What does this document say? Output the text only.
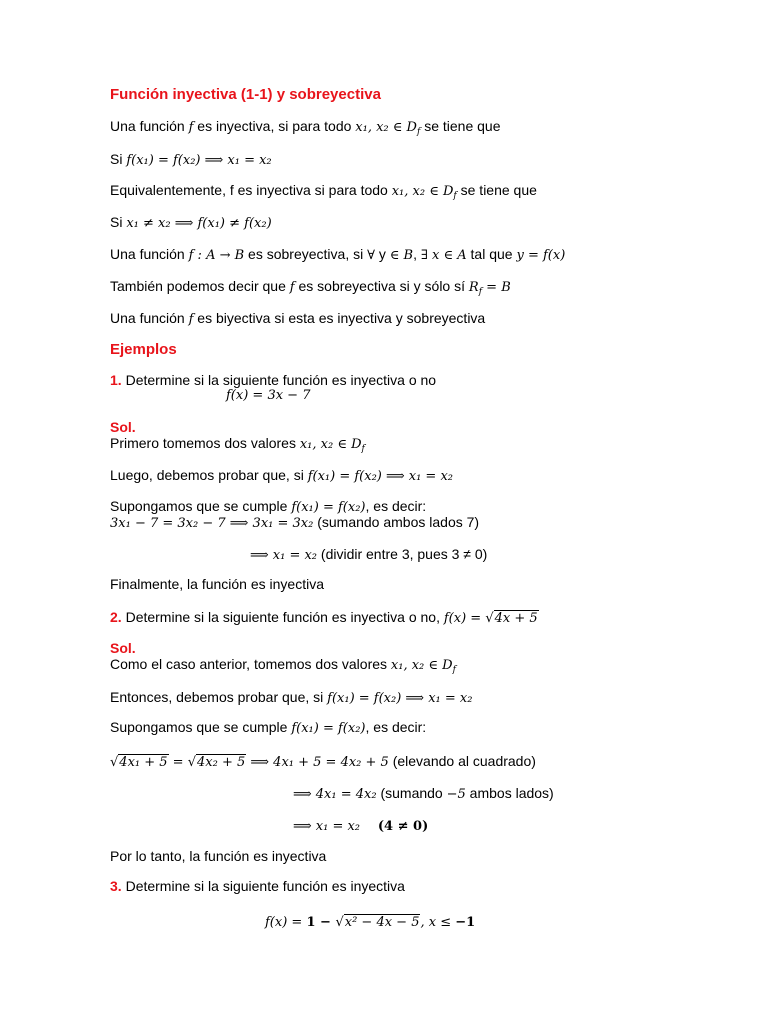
Función inyectiva (1-1) y sobreyectiva
Una función f es inyectiva, si para todo x₁, x₂ ∈ $D_f$ se tiene que
Si f(x₁) = f(x₂) ⟹ x₁ = x₂
Equivalentemente, f es inyectiva si para todo x₁, x₂ ∈ $D_f$ se tiene que
Si x₁ ≠ x₂ ⟹ f(x₁) ≠ f(x₂)
Una función f : A → B es sobreyectiva, si ∀ y ∈ B, ∃ x ∈ A tal que y = f(x)
También podemos decir que f es sobreyectiva si y sólo sí $R_f = B$
Una función f es biyectiva si esta es inyectiva y sobreyectiva
Ejemplos
1. Determine si la siguiente función es inyectiva o no
f(x) = 3x − 7
Sol.
Primero tomemos dos valores x₁, x₂ ∈ $D_f$
Luego, debemos probar que, si f(x₁) = f(x₂) ⟹ x₁ = x₂
Supongamos que se cumple f(x₁) = f(x₂), es decir:
3x₁ − 7 = 3x₂ − 7 ⟹ 3x₁ = 3x₂ (sumando ambos lados 7)
⟹ x₁ = x₂ (dividir entre 3, pues 3 ≠ 0)
Finalmente, la función es inyectiva
2. Determine si la siguiente función es inyectiva o no, f(x) = √4x + 5
Sol.
Como el caso anterior, tomemos dos valores x₁, x₂ ∈ $D_f$
Entonces, debemos probar que, si f(x₁) = f(x₂) ⟹ x₁ = x₂
Supongamos que se cumple f(x₁) = f(x₂), es decir:
√4x₁ + 5 = √4x₂ + 5 ⟹ 4x₁ + 5 = 4x₂ + 5 (elevando al cuadrado)
⟹ 4x₁ = 4x₂ (sumando −5 ambos lados)
⟹ x₁ = x₂ (4 ≠ 0)
Por lo tanto, la función es inyectiva
3. Determine si la siguiente función es inyectiva
f(x) = 1 − √x² − 4x − 5, x ≤ −1
